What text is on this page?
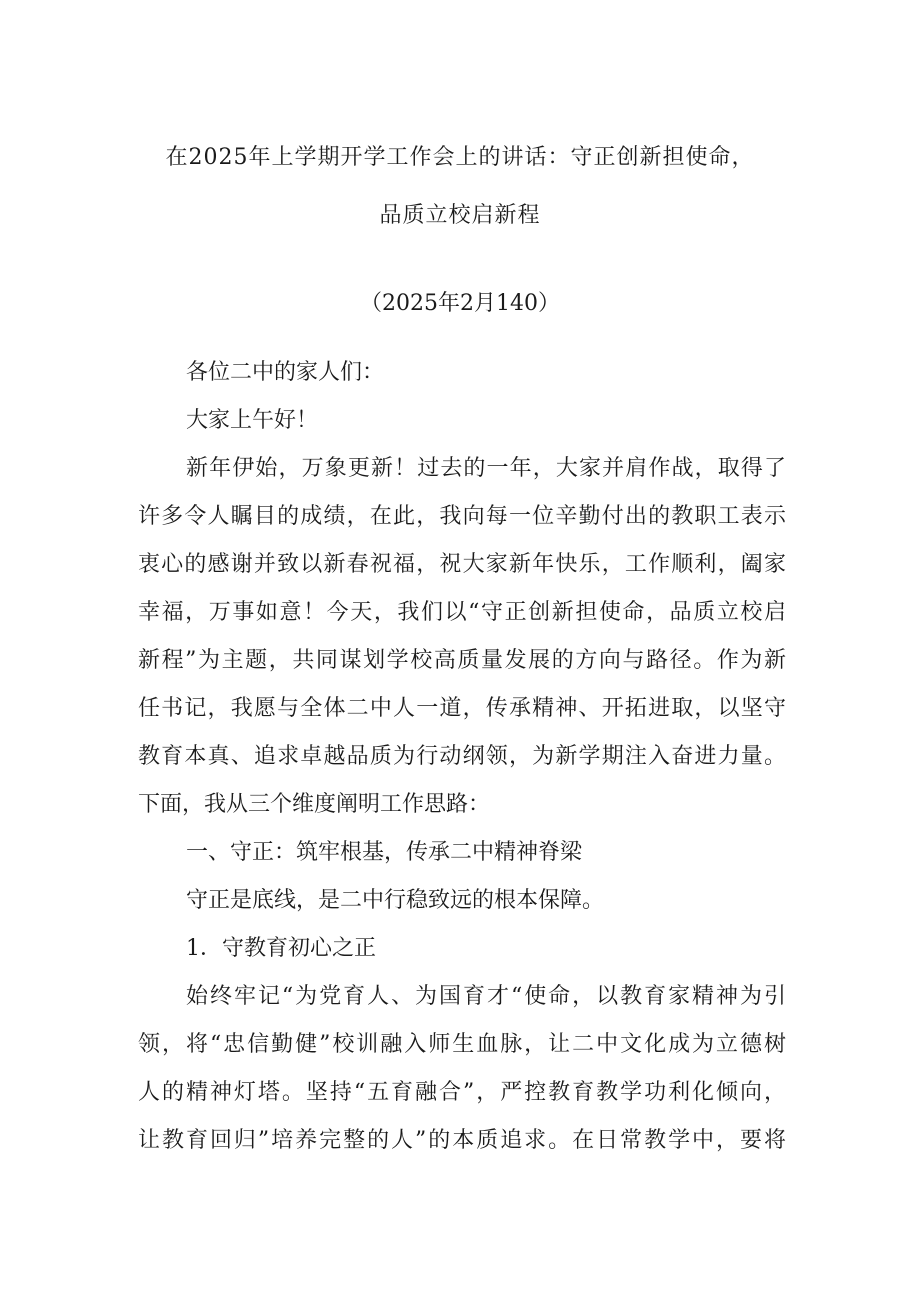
在2025年上学期开学工作会上的讲话：守正创新担使命，
品质立校启新程
（2025年2月140）
各位二中的家人们：
大家上午好！
新年伊始，万象更新！过去的一年，大家并肩作战，取得了
许多令人瞩目的成绩，在此，我向每一位辛勤付出的教职工表示
衷心的感谢并致以新春祝福，祝大家新年快乐，工作顺利，阖家
幸福，万事如意！今天，我们以“守正创新担使命，品质立校启
新程”为主题，共同谋划学校高质量发展的方向与路径。作为新
任书记，我愿与全体二中人一道，传承精神、开拓进取，以坚守
教育本真、追求卓越品质为行动纲领，为新学期注入奋进力量。
下面，我从三个维度阐明工作思路：
一、守正：筑牢根基，传承二中精神脊梁
守正是底线，是二中行稳致远的根本保障。
1．守教育初心之正
始终牢记“为党育人、为国育才“使命，以教育家精神为引
领，将“忠信勤健”校训融入师生血脉，让二中文化成为立德树
人的精神灯塔。坚持“五育融合”，严控教育教学功利化倾向，
让教育回归”培养完整的人”的本质追求。在日常教学中，要将
